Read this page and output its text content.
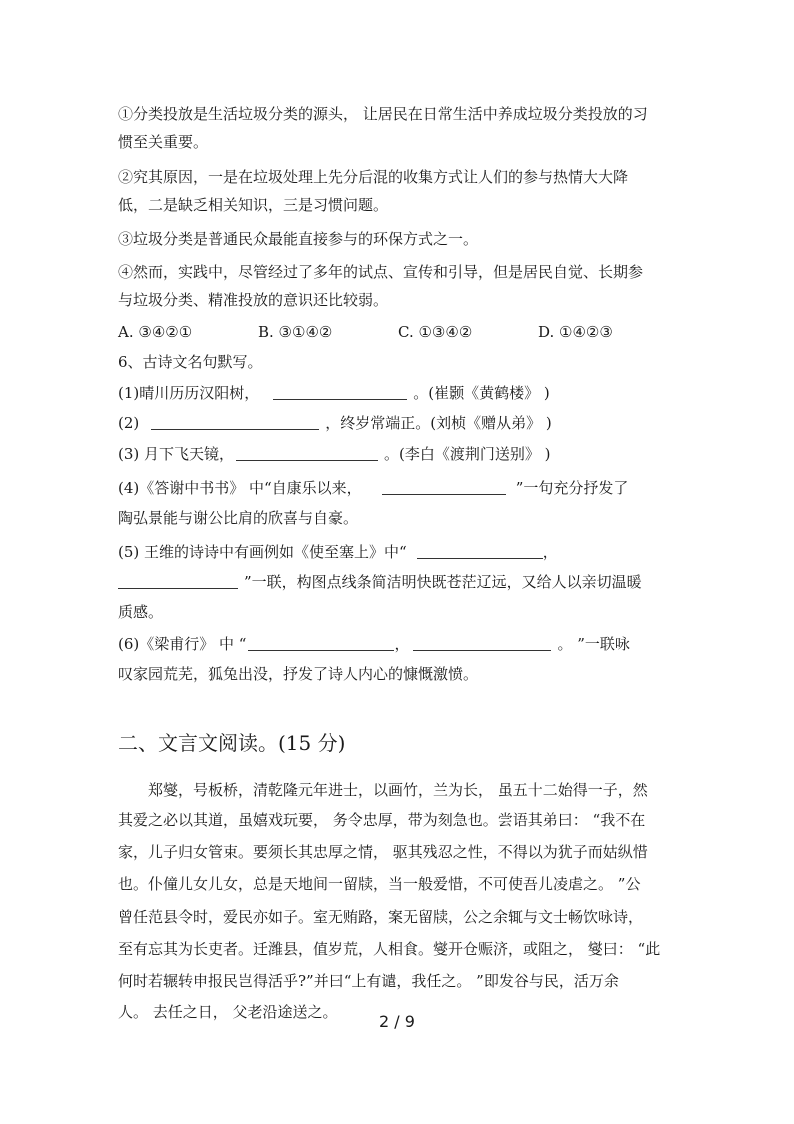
①分类投放是生活垃圾分类的源头， 让居民在日常生活中养成垃圾分类投放的习
惯至关重要。
②究其原因，一是在垃圾处理上先分后混的收集方式让人们的参与热情大大降
低，二是缺乏相关知识，三是习惯问题。
③垃圾分类是普通民众最能直接参与的环保方式之一。
④然而，实践中，尽管经过了多年的试点、宣传和引导，但是居民自觉、长期参
与垃圾分类、精准投放的意识还比较弱。
A. ③④②①	B. ③①④②	C. ①③④②	D. ①④②③
6、古诗文名句默写。
(1)晴川历历汉阳树，	。(崔颢《黄鹤楼》 )
(2)	，终岁常端正。(刘桢《赠从弟》 )
(3) 月下飞天镜，	。(李白《渡荆门送别》 )
(4)《答谢中书书》 中“自康乐以来，	”一句充分抒发了
陶弘景能与谢公比肩的欣喜与自豪。
(5) 王维的诗诗中有画例如《使至塞上》中“	，
”一联，构图点线条简洁明快既苍茫辽远，又给人以亲切温暖
质感。
(6)《梁甫行》 中 “	，	。 ”一联咏
叹家园荒芜，狐兔出没，抒发了诗人内心的慷慨激愤。
二、文言文阅读。(15 分)
郑燮，号板桥，清乾隆元年进士，以画竹，兰为长， 虽五十二始得一子，然
其爱之必以其道，虽嬉戏玩要， 务令忠厚，带为刻急也。尝语其弟曰： “我不在
家，儿子归女管束。要须长其忠厚之情， 驱其残忍之性，不得以为犹子而姑纵惜
也。仆僮儿女儿女，总是天地间一留牍，当一般爱惜，不可使吾儿凌虐之。 ”公
曾任范县令时，爱民亦如子。室无贿路，案无留牍，公之余辄与文士畅饮咏诗，
至有忘其为长吏者。迁潍县，值岁荒，人相食。燮开仓赈济，或阻之， 燮曰： “此
何时若辗转申报民岂得活乎?”并曰“上有谴，我任之。 ”即发谷与民，活万余
人。 去任之日， 父老沿途送之。	2 / 9
